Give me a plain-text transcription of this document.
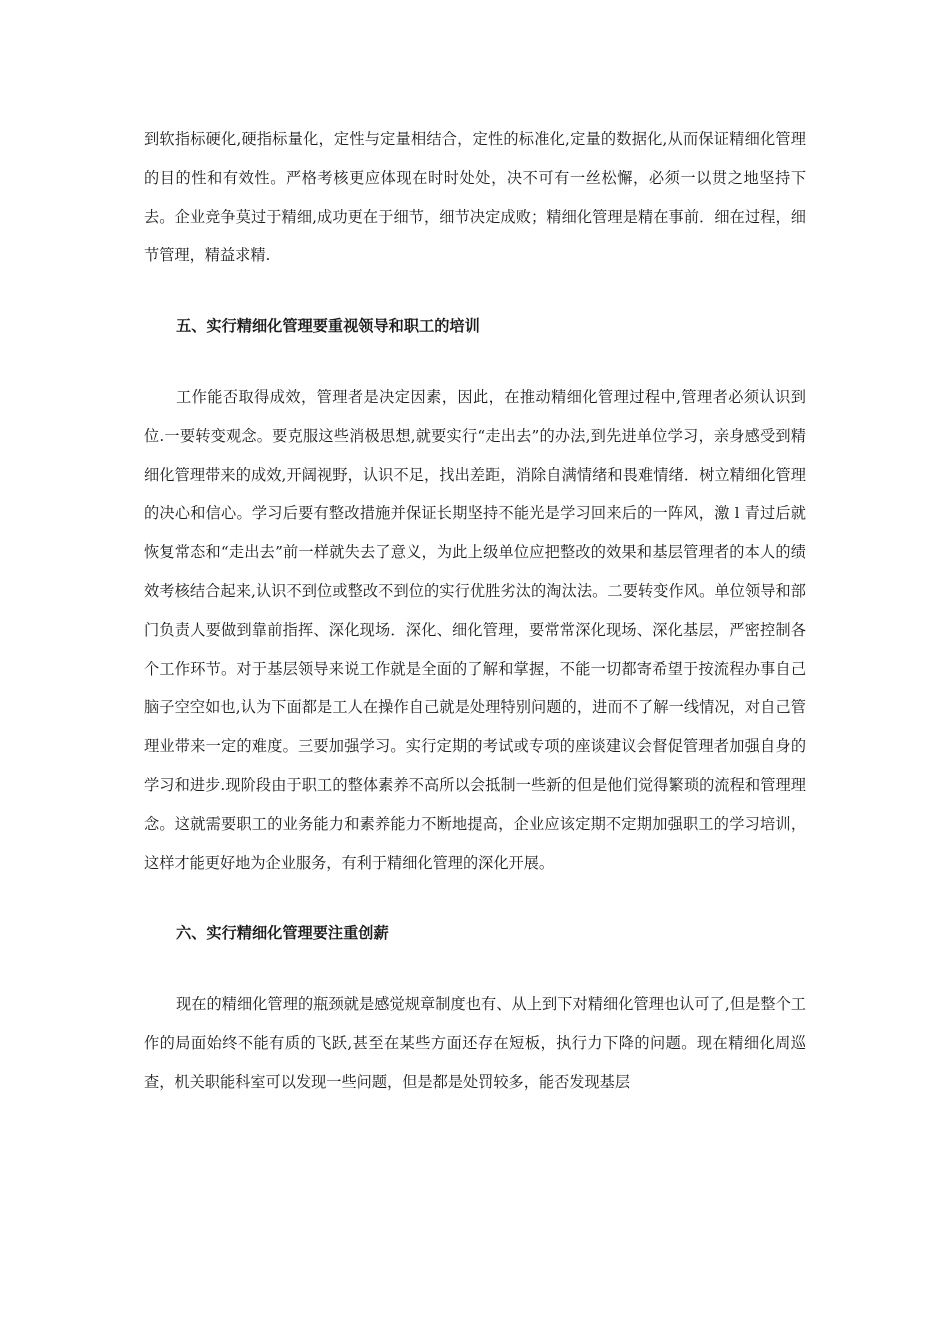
到软指标硬化,硬指标量化，定性与定量相结合，定性的标准化,定量的数据化,从而保证精细化管理的目的性和有效性。严格考核更应体现在时时处处，决不可有一丝松懈，必须一以贯之地坚持下去。企业竞争莫过于精细,成功更在于细节，细节决定成败；精细化管理是精在事前．细在过程，细节管理，精益求精.

五、实行精细化管理要重视领导和职工的培训

工作能否取得成效，管理者是决定因素，因此，在推动精细化管理过程中,管理者必须认识到位.一要转变观念。要克服这些消极思想,就要实行“走出去”的办法,到先进单位学习，亲身感受到精细化管理带来的成效,开阔视野，认识不足，找出差距，消除自满情绪和畏难情绪．树立精细化管理的决心和信心。学习后要有整改措施并保证长期坚持不能光是学习回来后的一阵风，激 l 青过后就恢复常态和“走出去”前一样就失去了意义，为此上级单位应把整改的效果和基层管理者的本人的绩效考核结合起来,认识不到位或整改不到位的实行优胜劣汰的淘汰法。二要转变作风。单位领导和部门负责人要做到靠前指挥、深化现场．深化、细化管理，要常常深化现场、深化基层，严密控制各个工作环节。对于基层领导来说工作就是全面的了解和掌握，不能一切都寄希望于按流程办事自己脑子空空如也,认为下面都是工人在操作自己就是处理特别问题的，进而不了解一线情况，对自己管理业带来一定的难度。三要加强学习。实行定期的考试或专项的座谈建议会督促管理者加强自身的学习和进步.现阶段由于职工的整体素养不高所以会抵制一些新的但是他们觉得繁琐的流程和管理理念。这就需要职工的业务能力和素养能力不断地提高，企业应该定期不定期加强职工的学习培训，这样才能更好地为企业服务，有利于精细化管理的深化开展。

六、实行精细化管理要注重创薪

现在的精细化管理的瓶颈就是感觉规章制度也有、从上到下对精细化管理也认可了,但是整个工作的局面始终不能有质的飞跃,甚至在某些方面还存在短板，执行力下降的问题。现在精细化周巡查，机关职能科室可以发现一些问题，但是都是处罚较多，能否发现基层
